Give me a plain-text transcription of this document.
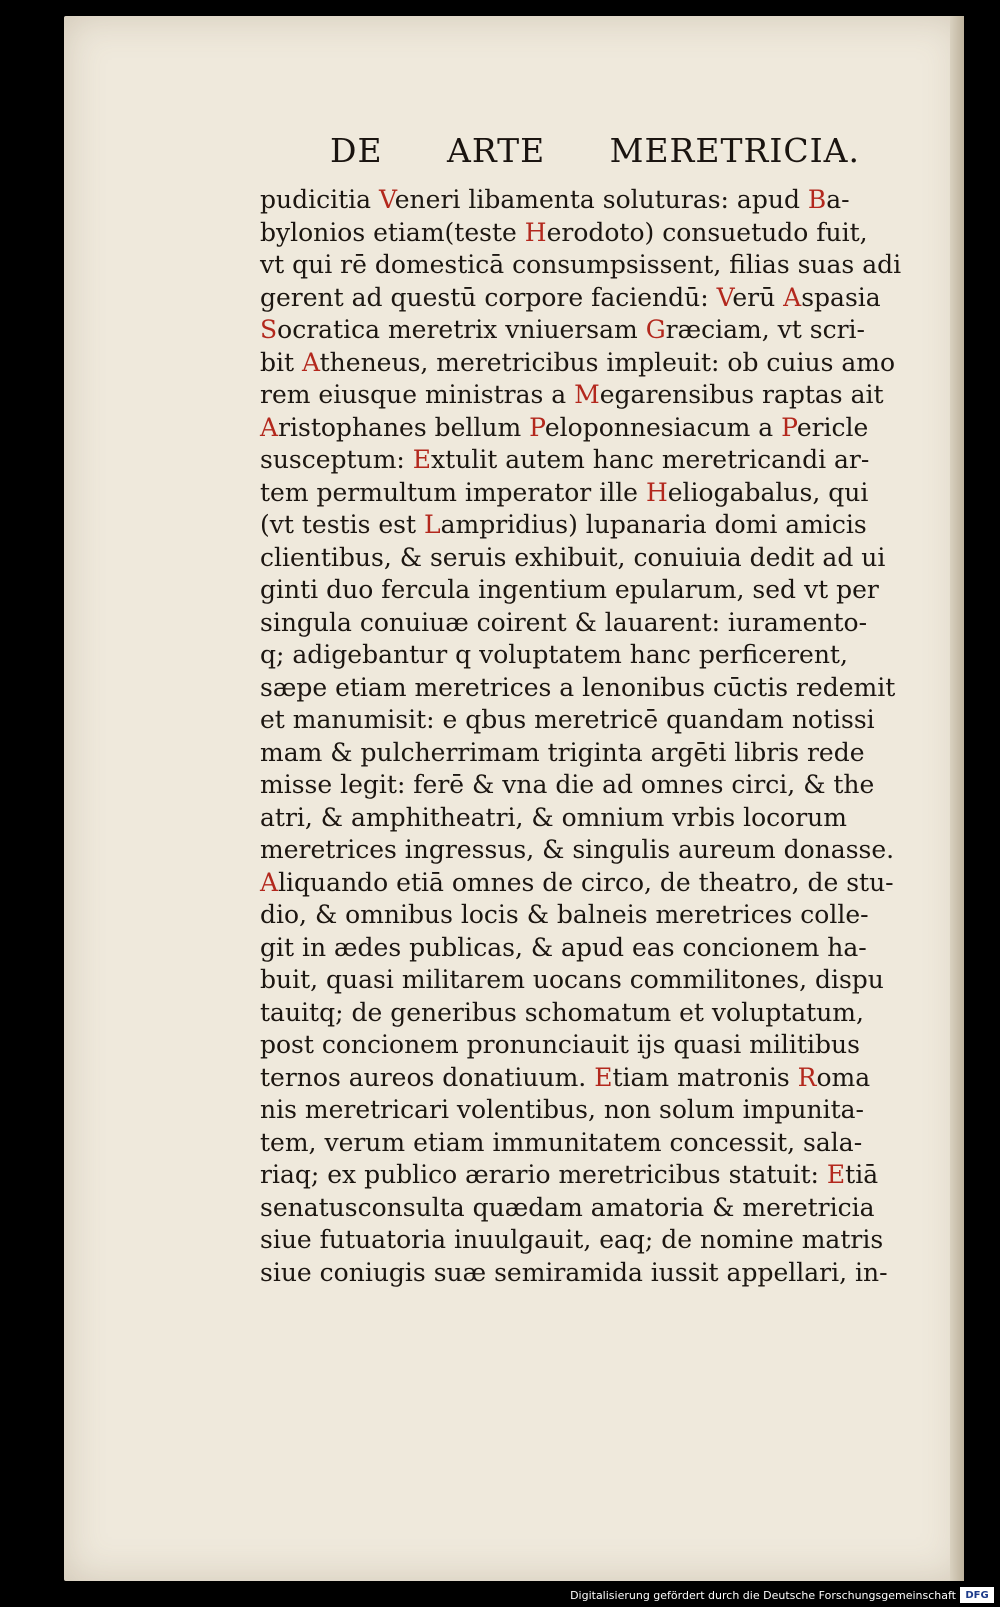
DE ARTE MERETRICIA.
pudicitia Veneri libamenta soluturas: apud Ba-
bylonios etiam(teste Herodoto) consuetudo fuit,
vt qui rē domesticā consumpsissent, filias suas adi
gerent ad questū corpore faciendū: Verū Aspasia
Socratica meretrix vniuersam Græciam, vt scri-
bit Atheneus, meretricibus impleuit: ob cuius amo
rem eiusque ministras a Megarensibus raptas ait
Aristophanes bellum Peloponnesiacum a Pericle
susceptum: Extulit autem hanc meretricandi ar-
tem permultum imperator ille Heliogabalus, qui
(vt testis est Lampridius) lupanaria domi amicis
clientibus, & seruis exhibuit, conuiuia dedit ad ui
ginti duo fercula ingentium epularum, sed vt per
singula conuiuæ coirent & lauarent: iuramento-
q; adigebantur q voluptatem hanc perficerent,
sæpe etiam meretrices a lenonibus cūctis redemit
et manumisit: e qbus meretricē quandam notissi
mam & pulcherrimam triginta argēti libris rede
misse legit: ferē & vna die ad omnes circi, & the
atri, & amphitheatri, & omnium vrbis locorum
meretrices ingressus, & singulis aureum donasse.
Aliquando etiā omnes de circo, de theatro, de stu-
dio, & omnibus locis & balneis meretrices colle-
git in ædes publicas, & apud eas concionem ha-
buit, quasi militarem uocans commilitones, dispu
tauitq; de generibus schomatum et voluptatum,
post concionem pronunciauit ijs quasi militibus
ternos aureos donatiuum. Etiam matronis Roma
nis meretricari volentibus, non solum impunita-
tem, verum etiam immunitatem concessit, sala-
riaq; ex publico ærario meretricibus statuit: Etiā
senatusconsulta quædam amatoria & meretricia
siue futuatoria inuulgauit, eaq; de nomine matris
siue coniugis suæ semiramida iussit appellari, in-
Digitalisierung gefördert durch die Deutsche Forschungsgemeinschaft DFG
